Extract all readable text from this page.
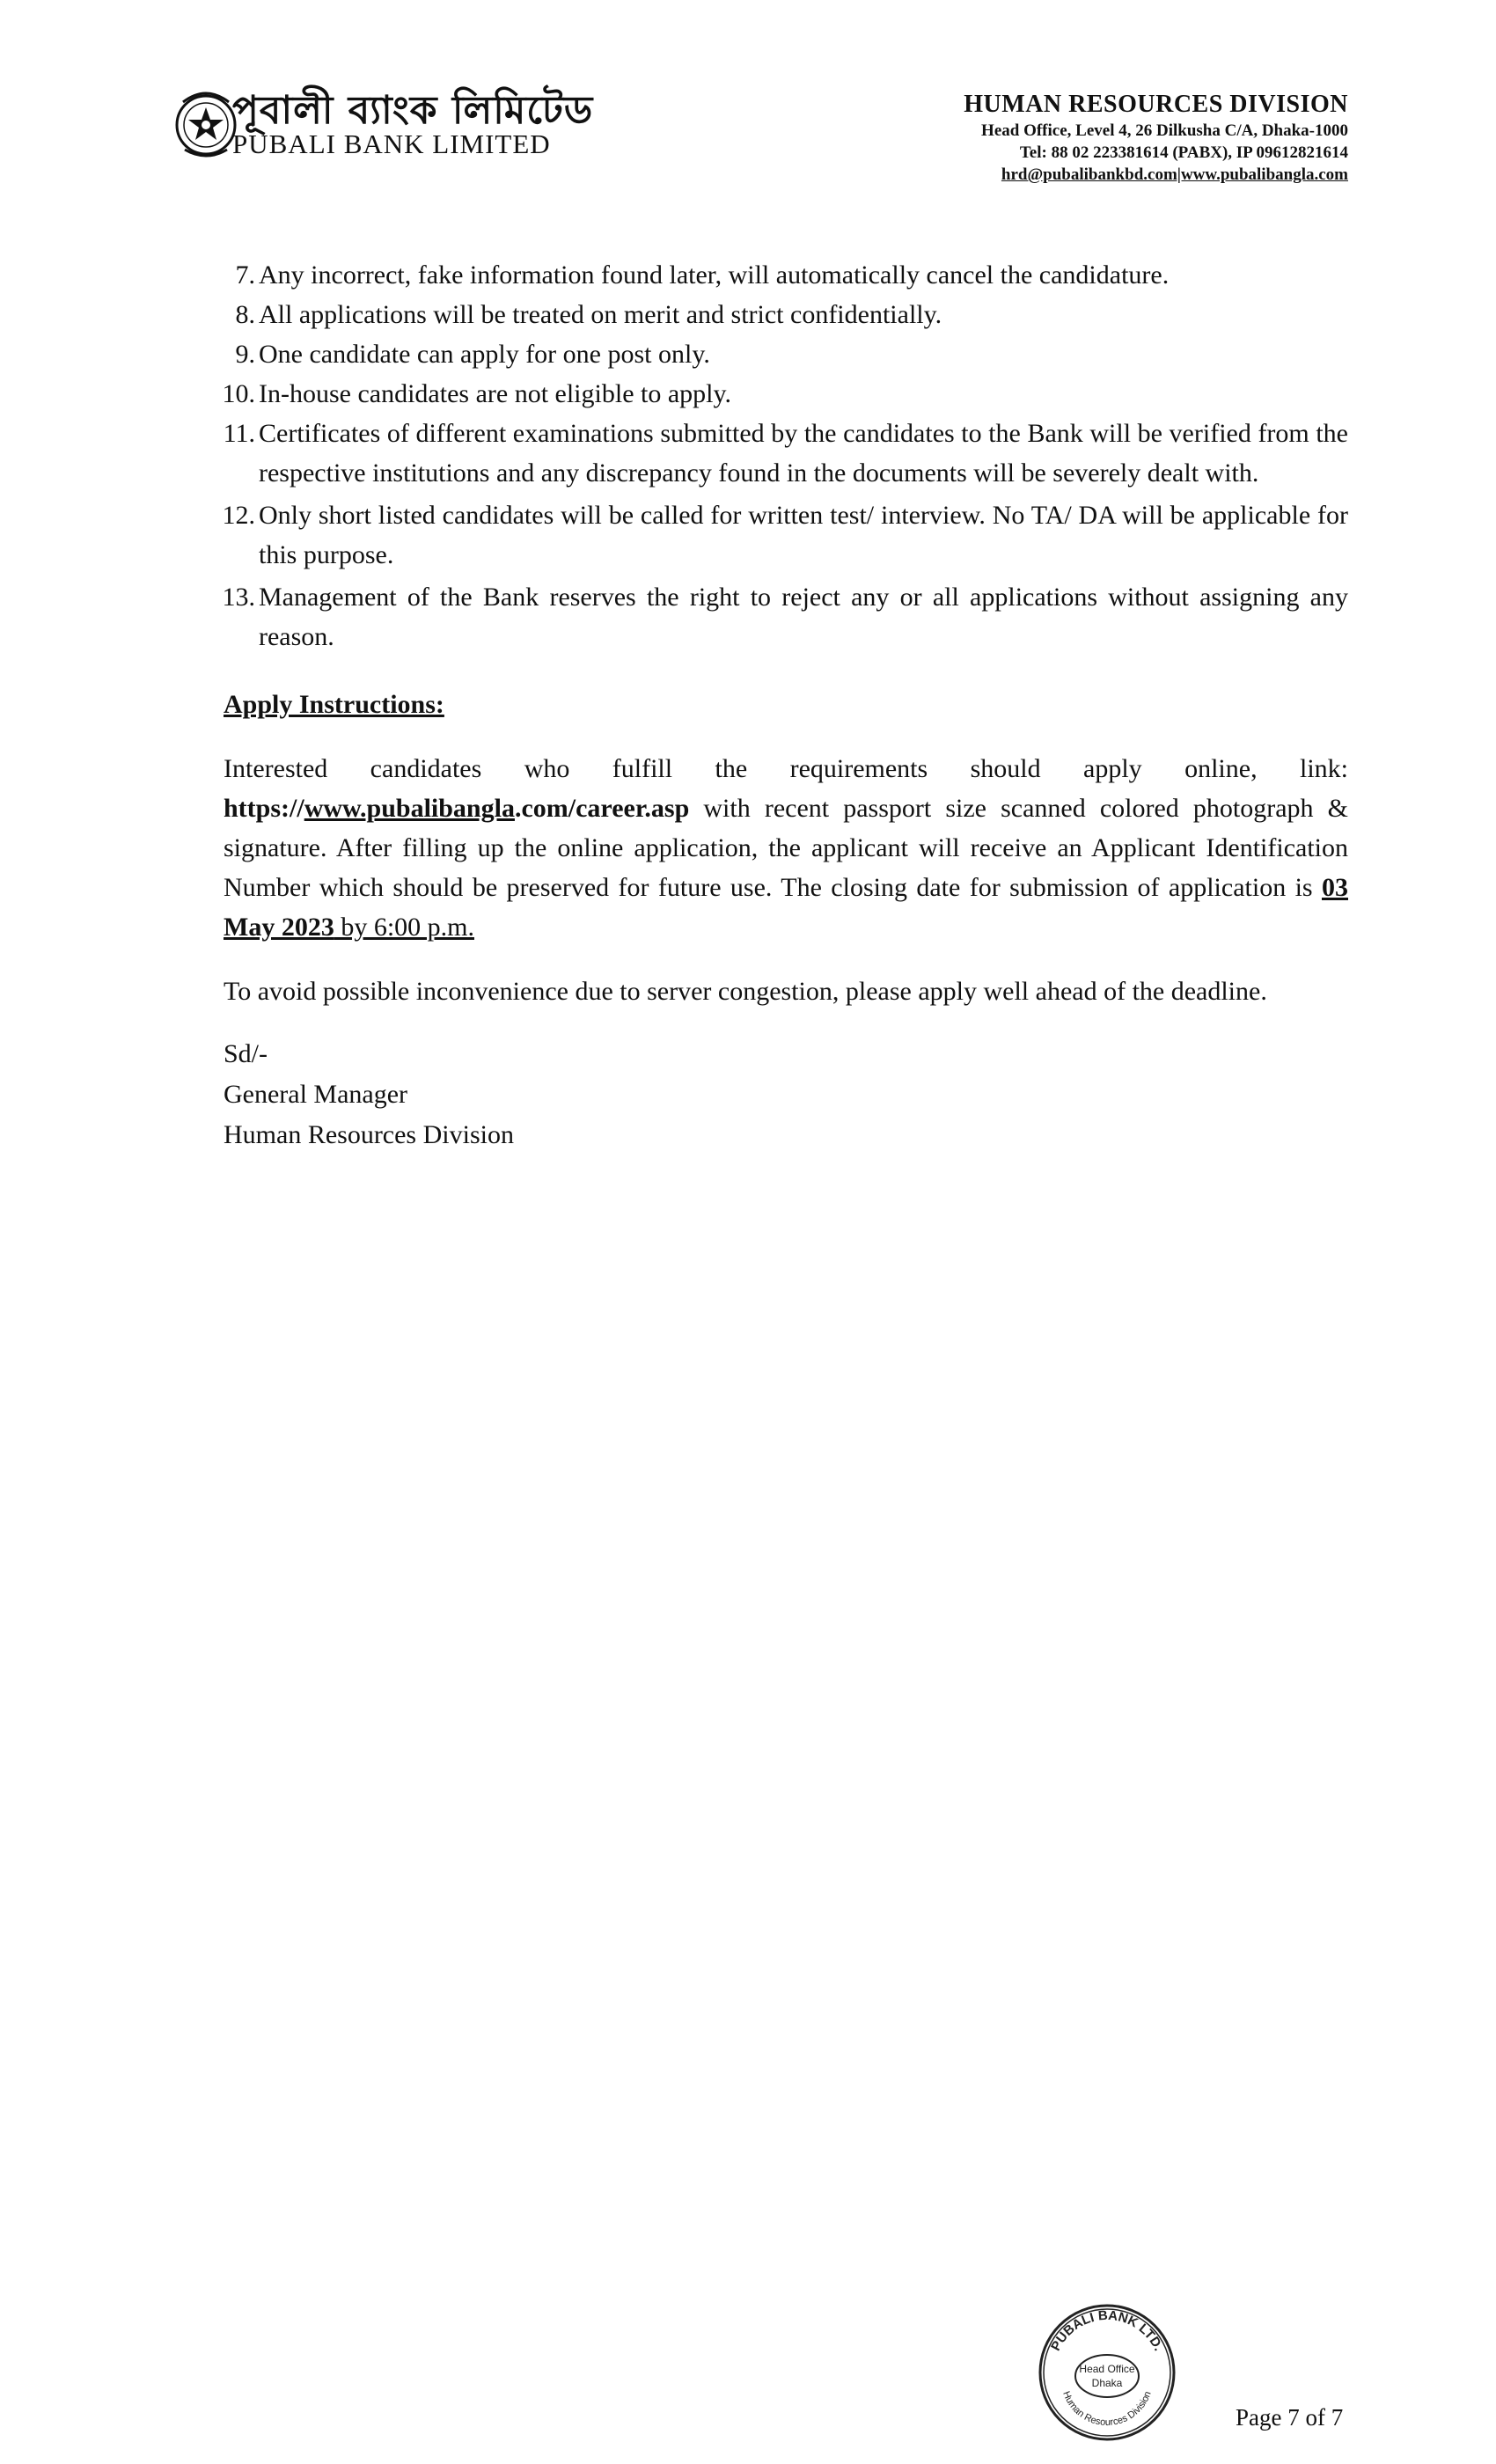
পূবালী ব্যাংক লিমিটেড
PUBALI BANK LIMITED
HUMAN RESOURCES DIVISION
Head Office, Level 4, 26 Dilkusha C/A, Dhaka-1000
Tel: 88 02 223381614 (PABX), IP 09612821614
hrd@pubalibankbd.com|www.pubalibangla.com
7. Any incorrect, fake information found later, will automatically cancel the candidature.
8. All applications will be treated on merit and strict confidentially.
9. One candidate can apply for one post only.
10. In-house candidates are not eligible to apply.
11. Certificates of different examinations submitted by the candidates to the Bank will be verified from the respective institutions and any discrepancy found in the documents will be severely dealt with.
12. Only short listed candidates will be called for written test/ interview. No TA/ DA will be applicable for this purpose.
13. Management of the Bank reserves the right to reject any or all applications without assigning any reason.
Apply Instructions:
Interested candidates who fulfill the requirements should apply online, link: https://www.pubalibangla.com/career.asp with recent passport size scanned colored photograph & signature. After filling up the online application, the applicant will receive an Applicant Identification Number which should be preserved for future use. The closing date for submission of application is 03 May 2023 by 6:00 p.m.
To avoid possible inconvenience due to server congestion, please apply well ahead of the deadline.
Sd/-
General Manager
Human Resources Division
PUBALI BANK LTD.
Head Office
Dhaka
Human Resources Division
Page 7 of 7
